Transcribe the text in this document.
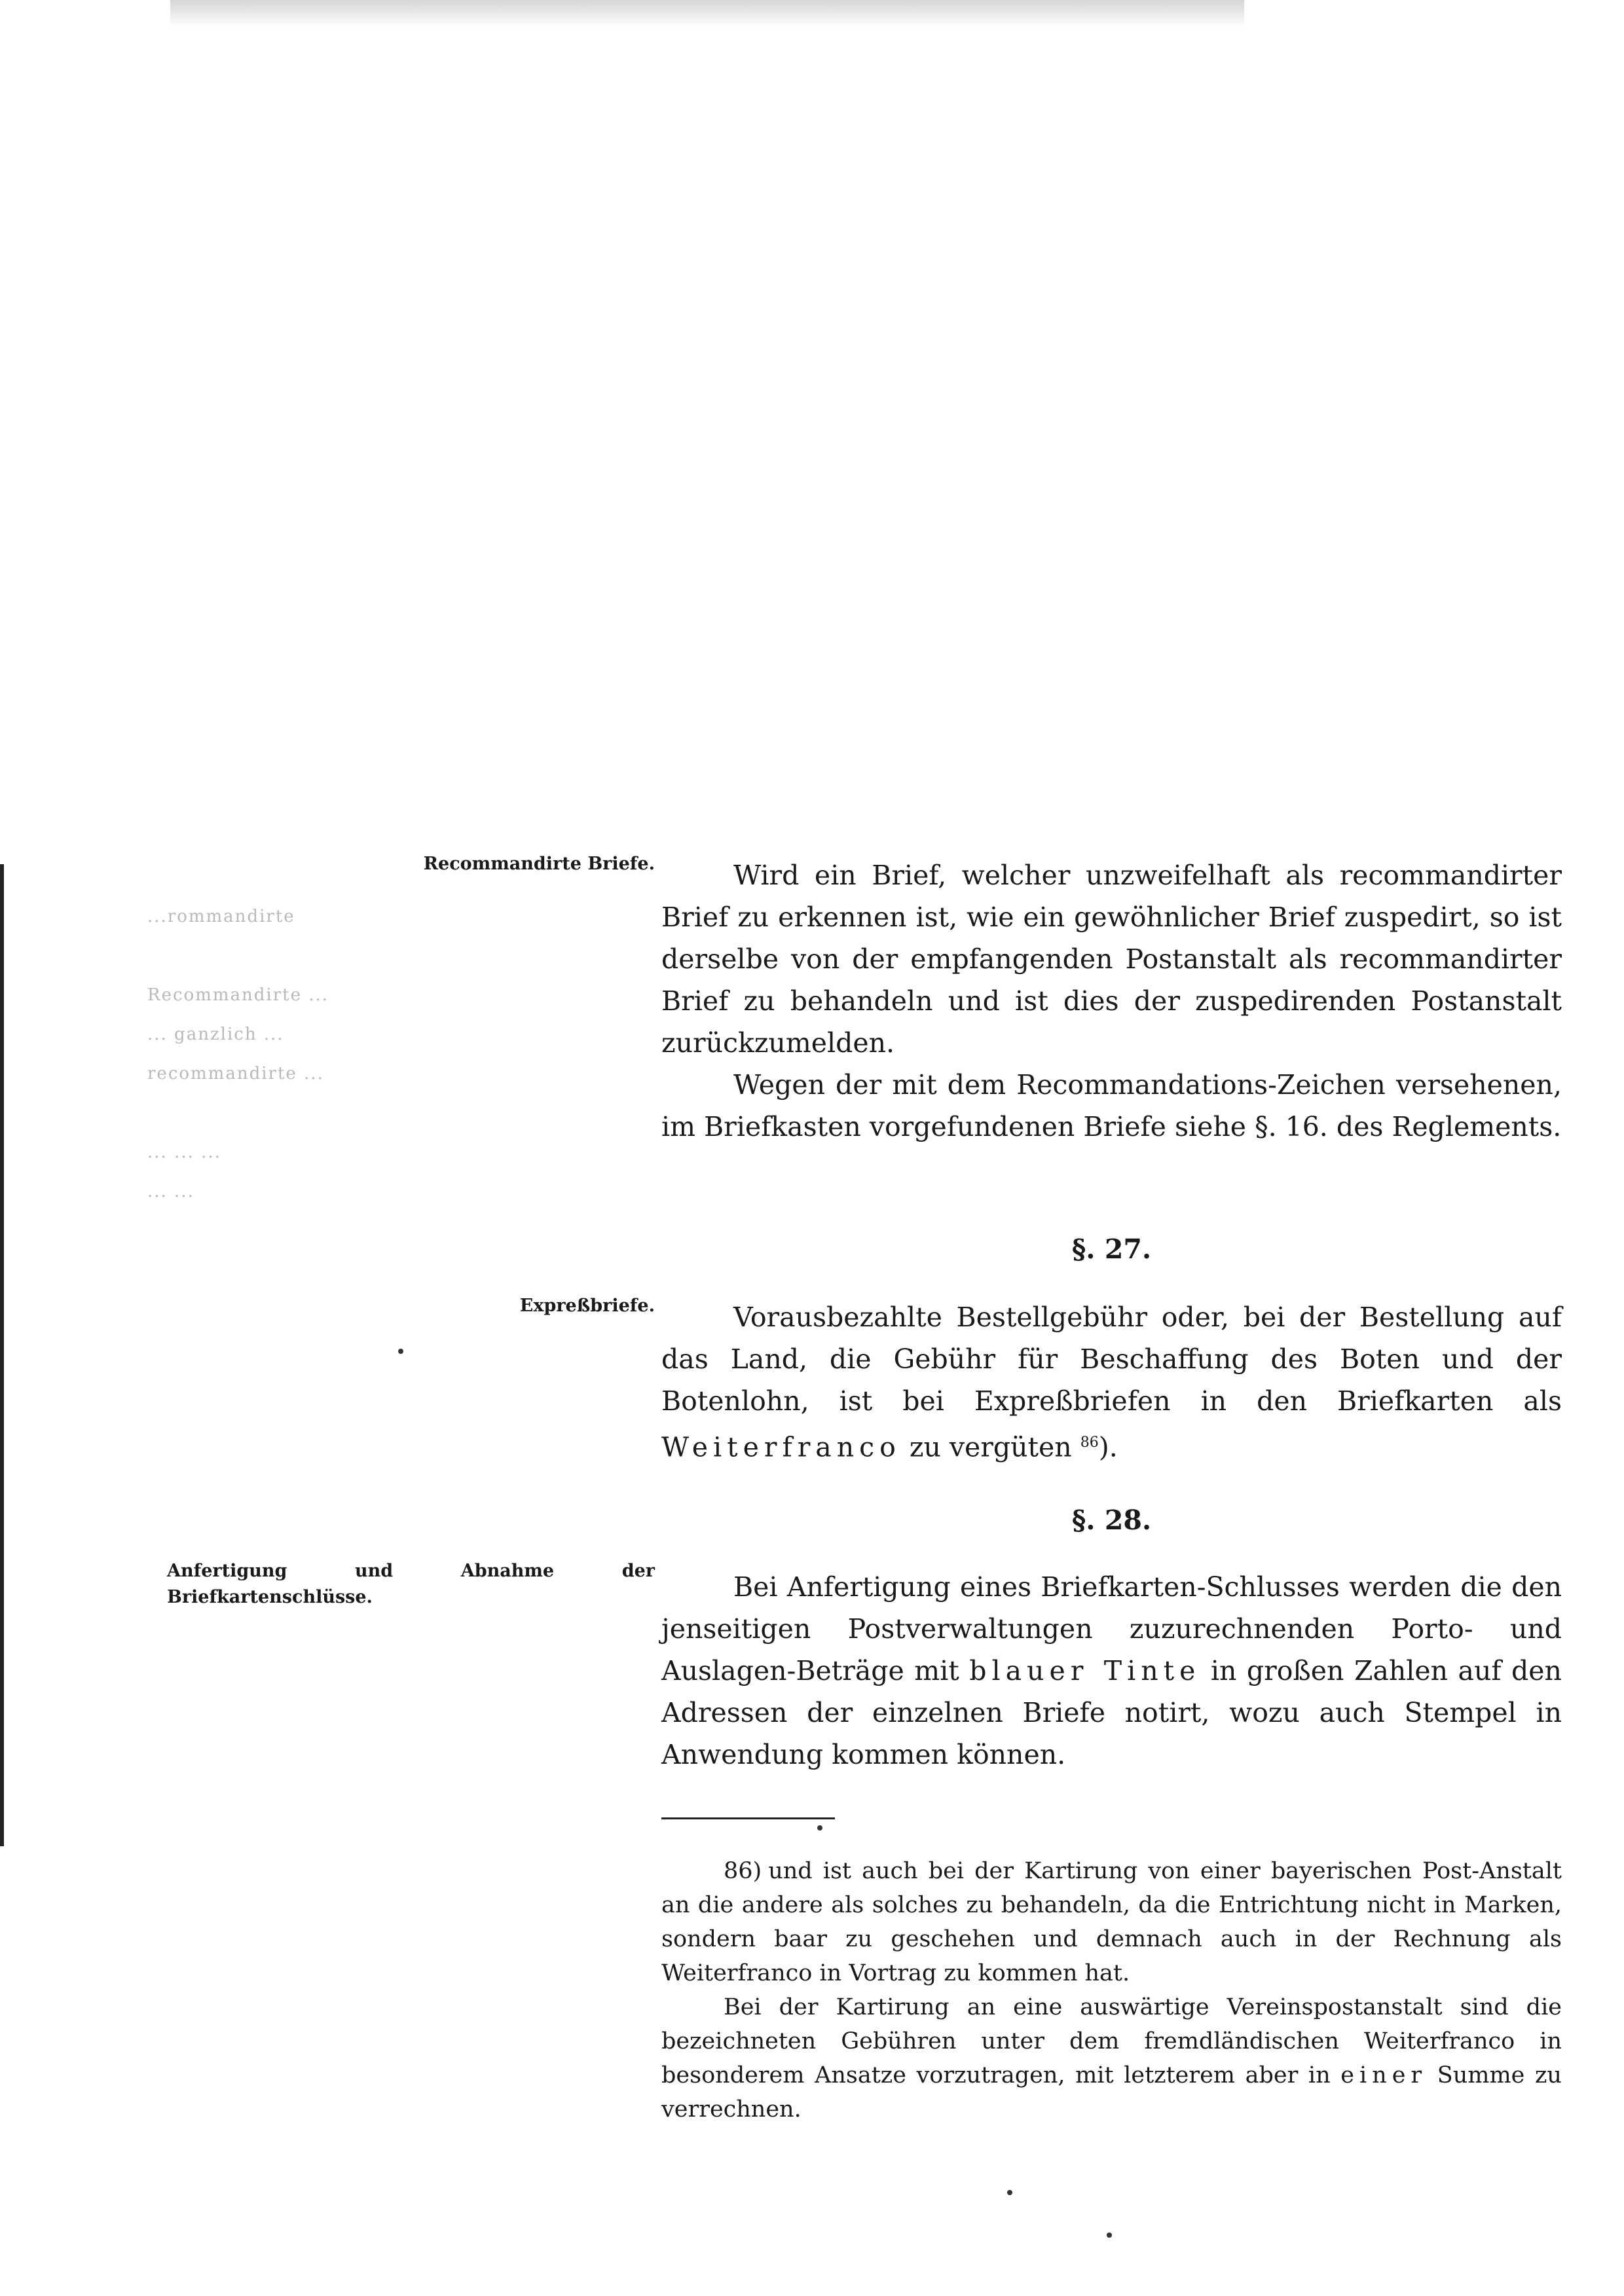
Recommandirte Briefe.
...rommandirte
Recommandirte ...
... ganzlich ...
recommandirte ...
... ... ...
... ...
Expreßbriefe.
Anfertigung und Abnahme der Briefkartenschlüsse.

Wird ein Brief, welcher unzweifelhaft als recommandirter Brief zu erkennen ist, wie ein gewöhnlicher Brief zuspedirt, so ist derselbe von der empfangenden Postanstalt als recommandirter Brief zu behandeln und ist dies der zuspedirenden Postanstalt zurückzumelden.

Wegen der mit dem Recommandations-Zeichen versehenen, im Briefkasten vorgefundenen Briefe siehe §. 16. des Reglements.

§. 27.

Vorausbezahlte Bestellgebühr oder, bei der Bestellung auf das Land, die Gebühr für Beschaffung des Boten und der Botenlohn, ist bei Expreßbriefen in den Briefkarten als Weiterfranco zu vergüten $^{86}$).

§. 28.

Bei Anfertigung eines Briefkarten-Schlusses werden die den jenseitigen Postverwaltungen zuzurechnenden Porto- und Auslagen-Beträge mit blauer Tinte in großen Zahlen auf den Adressen der einzelnen Briefe notirt, wozu auch Stempel in Anwendung kommen können.

86) und ist auch bei der Kartirung von einer bayerischen Post-Anstalt an die andere als solches zu behandeln, da die Entrichtung nicht in Marken, sondern baar zu geschehen und demnach auch in der Rechnung als Weiterfranco in Vortrag zu kommen hat.

Bei der Kartirung an eine auswärtige Vereinspostanstalt sind die bezeichneten Gebühren unter dem fremdländischen Weiterfranco in besonderem Ansatze vorzutragen, mit letzterem aber in einer Summe zu verrechnen.
